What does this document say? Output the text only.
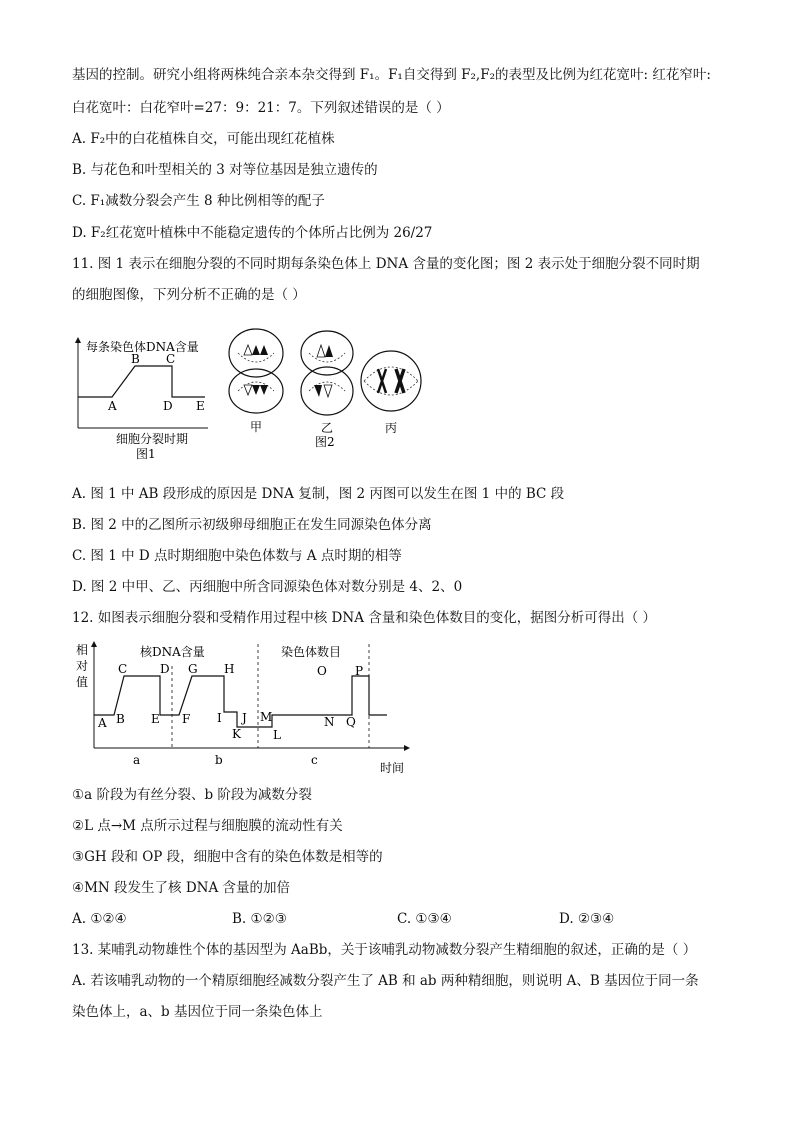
基因的控制。研究小组将两株纯合亲本杂交得到 F₁。F₁自交得到 F₂,F₂的表型及比例为红花宽叶: 红花窄叶:
白花宽叶：白花窄叶=27：9：21：7。下列叙述错误的是（ ）
A. F₂中的白花植株自交，可能出现红花植株
B. 与花色和叶型相关的 3 对等位基因是独立遗传的
C. F₁减数分裂会产生 8 种比例相等的配子
D. F₂红花宽叶植株中不能稳定遗传的个体所占比例为 26/27
11. 图 1 表示在细胞分裂的不同时期每条染色体上 DNA 含量的变化图；图 2 表示处于细胞分裂不同时期
的细胞图像，下列分析不正确的是（ ）
每条染色体DNA含量
A
B C
D E
细胞分裂时期
图1
甲	乙	丙
图2
A. 图 1 中 AB 段形成的原因是 DNA 复制，图 2 丙图可以发生在图 1 中的 BC 段
B. 图 2 中的乙图所示初级卵母细胞正在发生同源染色体分离
C. 图 1 中 D 点时期细胞中染色体数与 A 点时期的相等
D. 图 2 中甲、乙、丙细胞中所含同源染色体对数分别是 4、2、0
12. 如图表示细胞分裂和受精作用过程中核 DNA 含量和染色体数目的变化，据图分析可得出（ ）
相
对
值
核DNA含量	染色体数目
A B
C	D
E F
G H
I J
K
M
L
N
O P
Q
a	b	c
时间
①a 阶段为有丝分裂、b 阶段为减数分裂
②L 点→M 点所示过程与细胞膜的流动性有关
③GH 段和 OP 段，细胞中含有的染色体数是相等的
④MN 段发生了核 DNA 含量的加倍
A. ①②④	B. ①②③	C. ①③④	D. ②③④
13. 某哺乳动物雄性个体的基因型为 AaBb，关于该哺乳动物减数分裂产生精细胞的叙述，正确的是（ ）
A. 若该哺乳动物的一个精原细胞经减数分裂产生了 AB 和 ab 两种精细胞，则说明 A、B 基因位于同一条
染色体上，a、b 基因位于同一条染色体上
